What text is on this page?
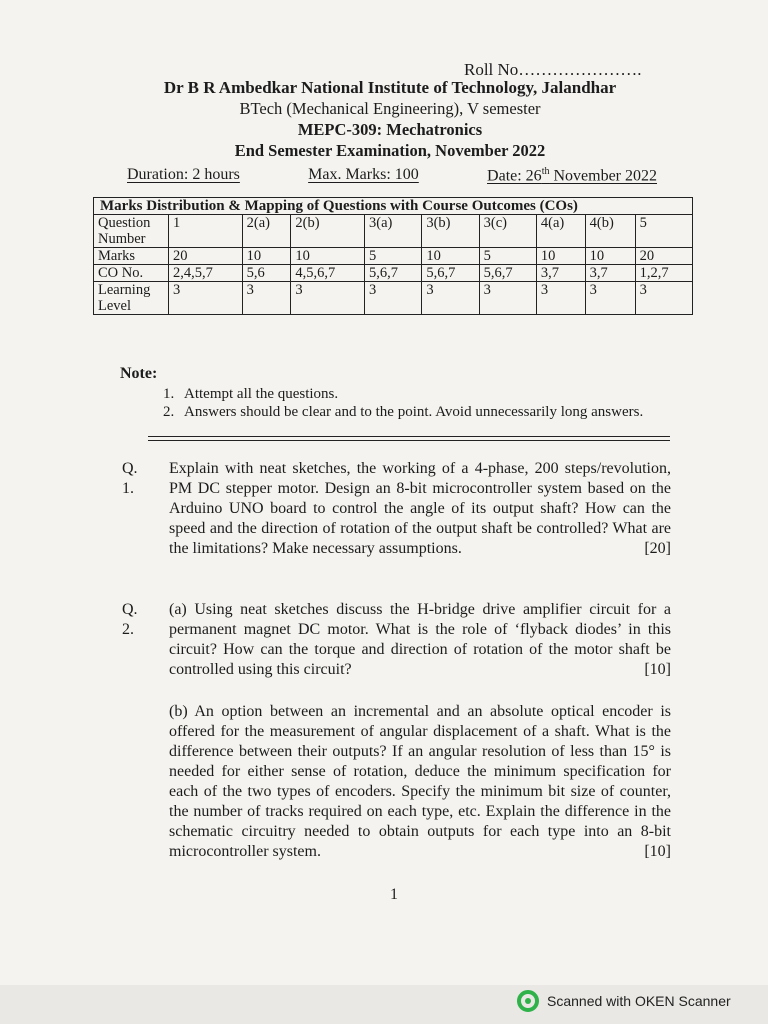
Roll No………………….
Dr B R Ambedkar National Institute of Technology, Jalandhar
BTech (Mechanical Engineering), V semester
MEPC-309: Mechatronics
End Semester Examination, November 2022
Duration: 2 hours	Max. Marks: 100	Date: 26th November 2022
Marks Distribution & Mapping of Questions with Course Outcomes (COs)									
Question Number	1	2(a)	2(b)	3(a)	3(b)	3(c)	4(a)	4(b)	5
Marks	20	10	10	5	10	5	10	10	20
CO No.	2,4,5,7	5,6	4,5,6,7	5,6,7	5,6,7	5,6,7	3,7	3,7	1,2,7
Learning Level	3	3	3	3	3	3	3	3	3
Note:
1. Attempt all the questions.
2. Answers should be clear and to the point. Avoid unnecessarily long answers.
Q. 1.
Explain with neat sketches, the working of a 4-phase, 200 steps/revolution, PM DC stepper motor. Design an 8-bit microcontroller system based on the Arduino UNO board to control the angle of its output shaft? How can the speed and the direction of rotation of the output shaft be controlled? What are the limitations? Make necessary assumptions.	[20]
Q. 2.
(a) Using neat sketches discuss the H-bridge drive amplifier circuit for a permanent magnet DC motor. What is the role of ‘flyback diodes’ in this circuit? How can the torque and direction of rotation of the motor shaft be controlled using this circuit?	[10]
(b) An option between an incremental and an absolute optical encoder is offered for the measurement of angular displacement of a shaft. What is the difference between their outputs? If an angular resolution of less than 15° is needed for either sense of rotation, deduce the minimum specification for each of the two types of encoders. Specify the minimum bit size of counter, the number of tracks required on each type, etc. Explain the difference in the schematic circuitry needed to obtain outputs for each type into an 8-bit microcontroller system.	[10]
1
Scanned with OKEN Scanner
